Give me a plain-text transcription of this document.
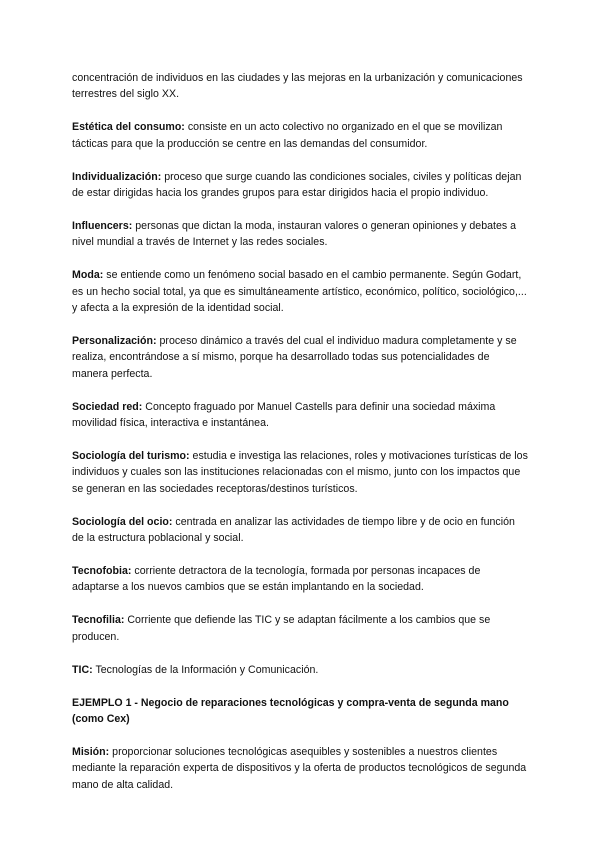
concentración de individuos en las ciudades y las mejoras en la urbanización y comunicaciones terrestres del siglo XX.

Estética del consumo: consiste en un acto colectivo no organizado en el que se movilizan tácticas para que la producción se centre en las demandas del consumidor.

Individualización: proceso que surge cuando las condiciones sociales, civiles y políticas dejan de estar dirigidas hacia los grandes grupos para estar dirigidos hacia el propio individuo.

Influencers: personas que dictan la moda, instauran valores o generan opiniones y debates a nivel mundial a través de Internet y las redes sociales.

Moda: se entiende como un fenómeno social basado en el cambio permanente. Según Godart, es un hecho social total, ya que es simultáneamente artístico, económico, político, sociológico,... y afecta a la expresión de la identidad social.

Personalización: proceso dinámico a través del cual el individuo madura completamente y se realiza, encontrándose a sí mismo, porque ha desarrollado todas sus potencialidades de manera perfecta.

Sociedad red: Concepto fraguado por Manuel Castells para definir una sociedad máxima movilidad física, interactiva e instantánea.

Sociología del turismo: estudia e investiga las relaciones, roles y motivaciones turísticas de los individuos y cuales son las instituciones relacionadas con el mismo, junto con los impactos que se generan en las sociedades receptoras/destinos turísticos.

Sociología del ocio: centrada en analizar las actividades de tiempo libre y de ocio en función de la estructura poblacional y social.

Tecnofobia: corriente detractora de la tecnología, formada por personas incapaces de adaptarse a los nuevos cambios que se están implantando en la sociedad.

Tecnofilia: Corriente que defiende las TIC y se adaptan fácilmente a los cambios que se producen.

TIC: Tecnologías de la Información y Comunicación.

EJEMPLO 1 - Negocio de reparaciones tecnológicas y compra-venta de segunda mano (como Cex)

Misión: proporcionar soluciones tecnológicas asequibles y sostenibles a nuestros clientes mediante la reparación experta de dispositivos y la oferta de productos tecnológicos de segunda mano de alta calidad.
